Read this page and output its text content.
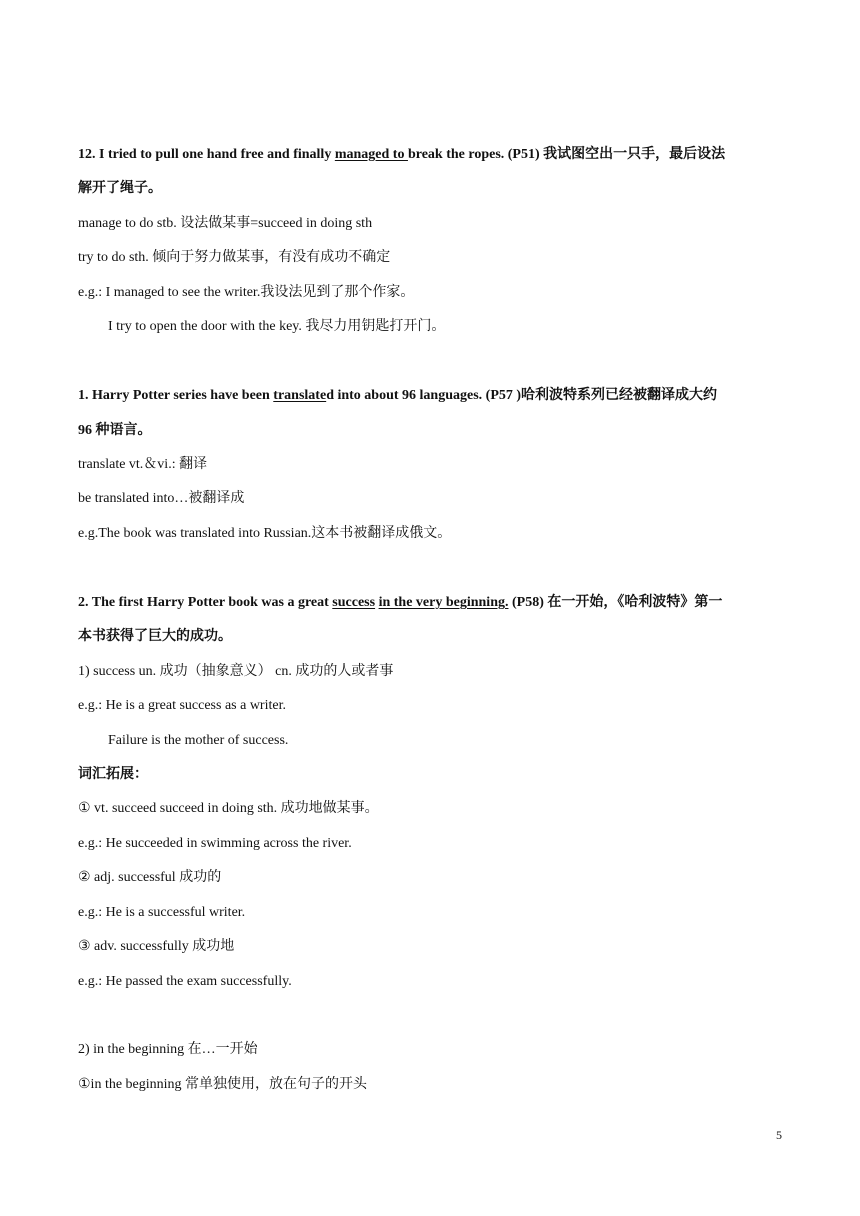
12. I tried to pull one hand free and finally managed to break the ropes. (P51) 我试图空出一只手，最后设法
解开了绳子。
manage to do stb. 设法做某事=succeed in doing sth
try to do sth. 倾向于努力做某事，有没有成功不确定
e.g.: I managed to see the writer.我设法见到了那个作家。
I try to open the door with the key. 我尽力用钥匙打开门。
1. Harry Potter series have been translated into about 96 languages. (P57 )哈利波特系列已经被翻译成大约
96 种语言。
translate vt.＆vi.: 翻译
be translated into…被翻译成
e.g.The book was translated into Russian.这本书被翻译成俄文。
2. The first Harry Potter book was a great success in the very beginning. (P58) 在一开始，《哈利波特》第一
本书获得了巨大的成功。
1) success un. 成功（抽象意义） cn. 成功的人或者事
e.g.: He is a great success as a writer.
Failure is the mother of success.
词汇拓展：
① vt. succeed succeed in doing sth. 成功地做某事。
e.g.: He succeeded in swimming across the river.
② adj. successful 成功的
e.g.: He is a successful writer.
③ adv. successfully 成功地
e.g.: He passed the exam successfully.
2) in the beginning 在…一开始
①in the beginning 常单独使用，放在句子的开头
5
